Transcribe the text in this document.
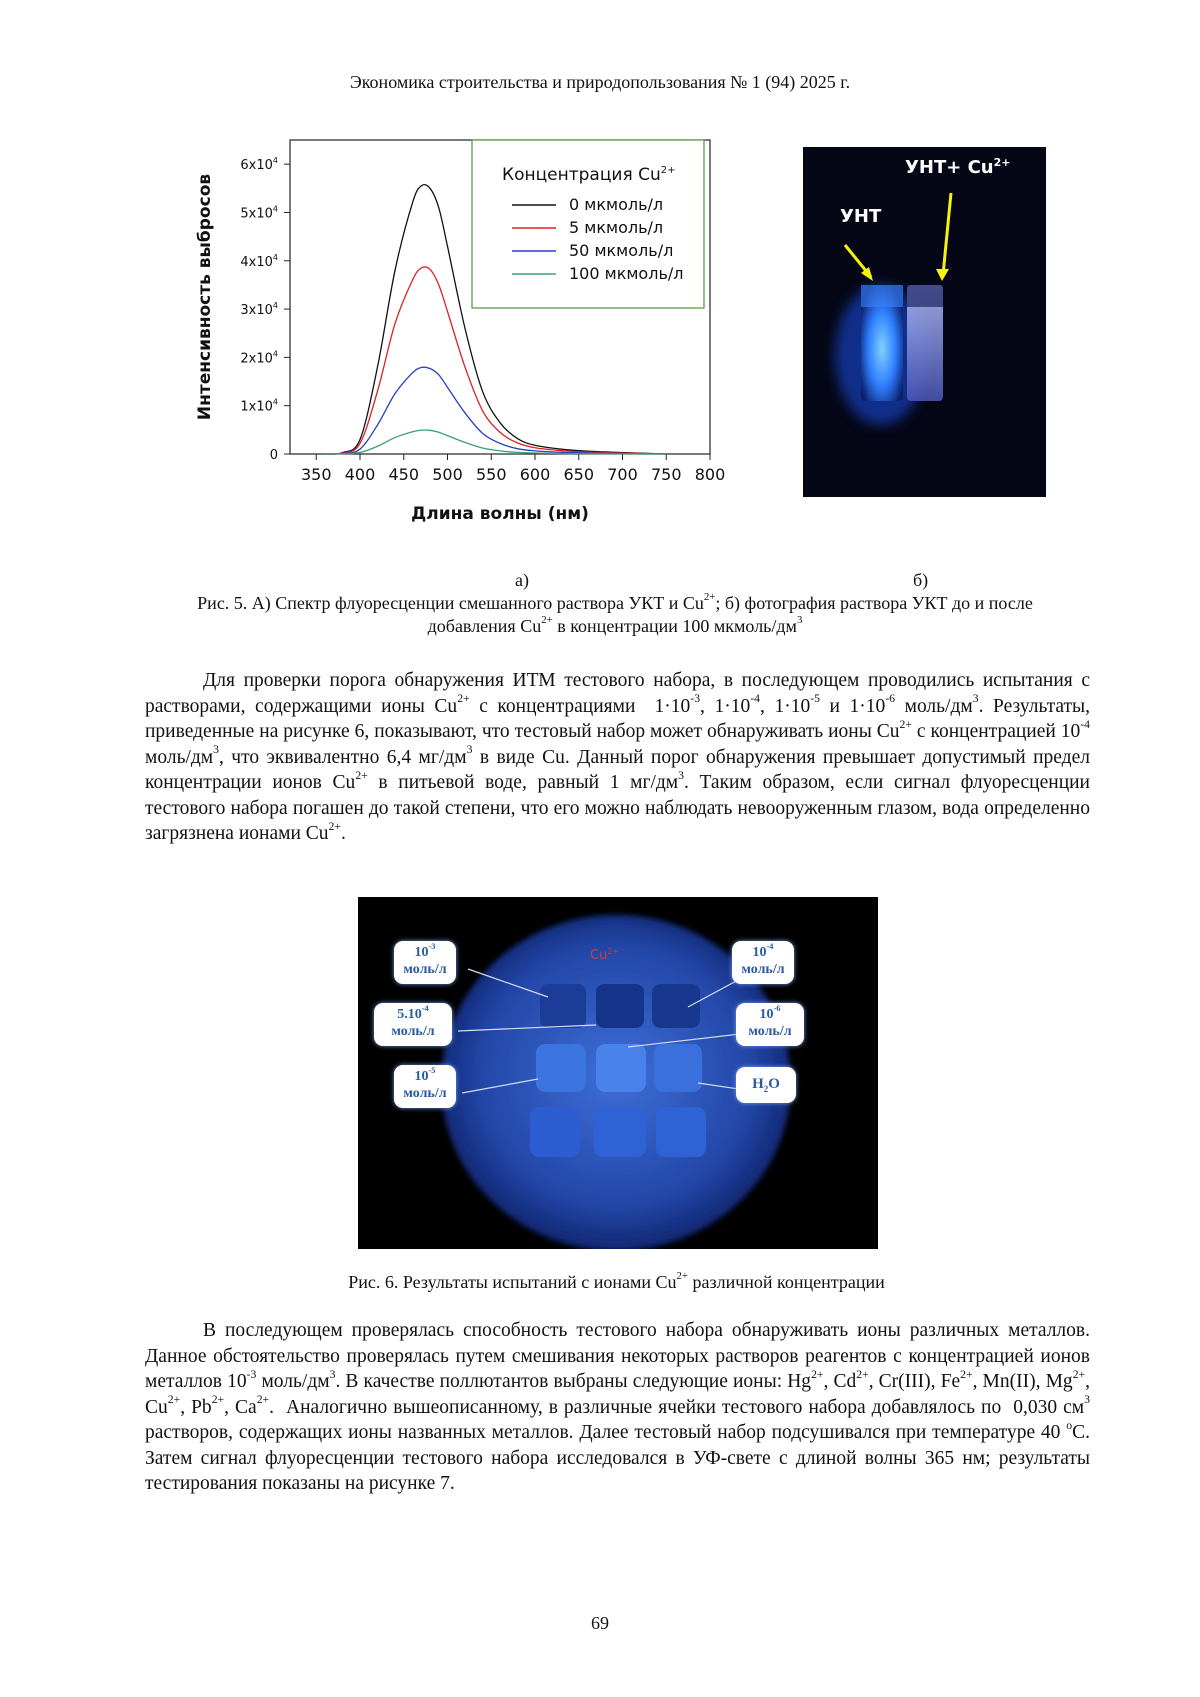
Экономика строительства и природопользования № 1 (94) 2025 г.
350 400 450 500 550 600 650 700 750 800
0
$1x10^4$
$2x10^4$
$3x10^4$
$4x10^4$
$5x10^4$
$6x10^4$
Длина волны (нм)
Интенсивность выбросов	Концентрация $Cu^{2+}$
0 мкмоль/л
5 мкмоль/л
50 мкмоль/л
100 мкмоль/л
УНТ
$УНТ+ Cu^{2+}$
а)	б)
Рис. 5. А) Спектр флуоресценции смешанного раствора УКТ и $Cu^{2+}$; б) фотография раствора УКТ до и после
добавления $Cu^{2+}$ в концентрации 100 мкмоль/$дм^3$

Для проверки порога обнаружения ИТМ тестового набора, в последующем проводились испытания с растворами, содержащими ионы $Cu^{2+}$ с концентрациями  $1\cdot 10^{-3}$, $1\cdot 10^{-4}$, $1\cdot 10^{-5}$ и $1\cdot 10^{-6}$ моль/$дм^3$. Результаты, приведенные на рисунке 6, показывают, что тестовый набор может обнаруживать ионы $Cu^{2+}$ с концентрацией $10^{-4}$ моль/$дм^3$, что эквивалентно 6,4 $мг/дм^3$ в виде Cu. Данный порог обнаружения превышает допустимый предел концентрации ионов $Cu^{2+}$ в питьевой воде, равный 1 $мг/дм^3$. Таким образом, если сигнал флуоресценции тестового набора погашен до такой степени, что его можно наблюдать невооруженным глазом, вода определенно загрязнена ионами $Cu^{2+}$.

$Cu^{2+}$
$10^{-3}$
моль/л
$10^{-4}$
моль/л
$5.10^{-4}$
моль/л
$10^{-6}$
моль/л
$10^{-5}$
моль/л
$H_2O$
Рис. 6. Результаты испытаний с ионами $Cu^{2+}$ различной концентрации

В последующем проверялась способность тестового набора обнаруживать ионы различных металлов. Данное обстоятельство проверялась путем смешивания некоторых растворов реагентов с концентрацией ионов металлов $10^{-3}$ моль/$дм^3$. В качестве поллютантов выбраны следующие ионы: $Hg^{2+}$, $Cd^{2+}$, Cr(III), $Fe^{2+}$, Mn(II), $Mg^{2+}$, $Cu^{2+}$, $Pb^{2+}$, $Ca^{2+}$.  Аналогично вышеописанному, в различные ячейки тестового набора добавлялось по  0,030 $см^3$ растворов, содержащих ионы названных металлов. Далее тестовый набор подсушивался при температуре 40 $^о$С. Затем сигнал флуоресценции тестового набора исследовался в УФ-свете с длиной волны 365 нм; результаты тестирования показаны на рисунке 7.

69
